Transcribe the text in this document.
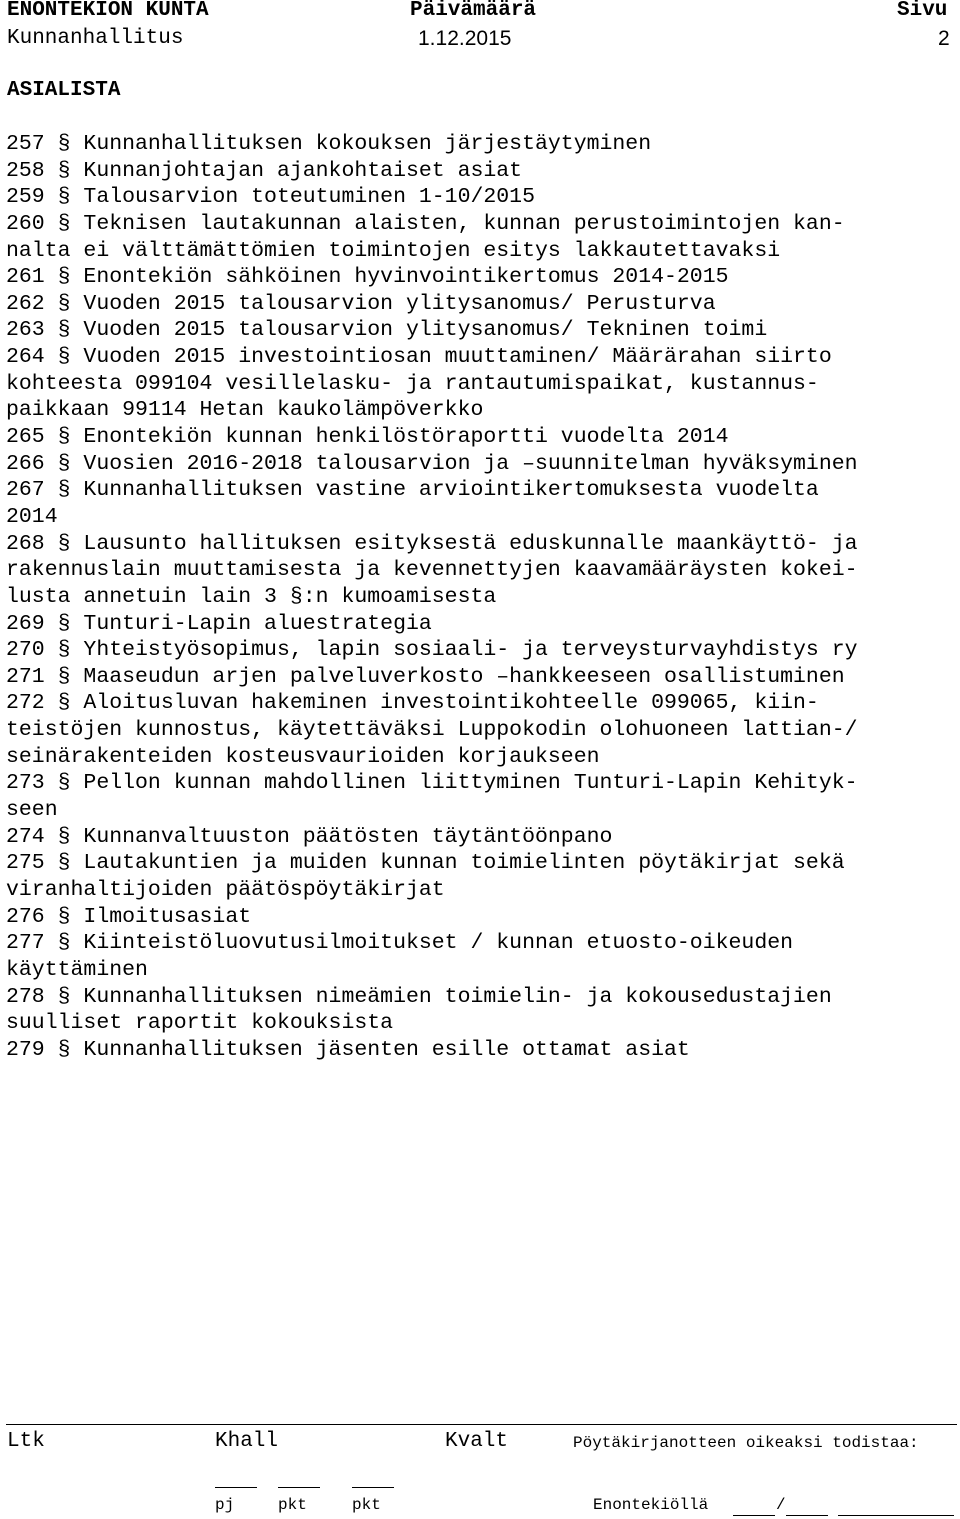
ENONTEKIÖN KUNTA	Päivämäärä	Sivu
Kunnanhallitus	1.12.2015	2
ASIALISTA
257 § Kunnanhallituksen kokouksen järjestäytyminen
258 § Kunnanjohtajan ajankohtaiset asiat
259 § Talousarvion toteutuminen 1-10/2015
260 § Teknisen lautakunnan alaisten, kunnan perustoimintojen kan-
nalta ei välttämättömien toimintojen esitys lakkautettavaksi
261 § Enontekiön sähköinen hyvinvointikertomus 2014-2015
262 § Vuoden 2015 talousarvion ylitysanomus/ Perusturva
263 § Vuoden 2015 talousarvion ylitysanomus/ Tekninen toimi
264 § Vuoden 2015 investointiosan muuttaminen/ Määrärahan siirto
kohteesta 099104 vesillelasku- ja rantautumispaikat, kustannus-
paikkaan 99114 Hetan kaukolämpöverkko
265 § Enontekiön kunnan henkilöstöraportti vuodelta 2014
266 § Vuosien 2016-2018 talousarvion ja –suunnitelman hyväksyminen
267 § Kunnanhallituksen vastine arviointikertomuksesta vuodelta
2014
268 § Lausunto hallituksen esityksestä eduskunnalle maankäyttö- ja
rakennuslain muuttamisesta ja kevennettyjen kaavamääräysten kokei-
lusta annetuin lain 3 §:n kumoamisesta
269 § Tunturi-Lapin aluestrategia
270 § Yhteistyösopimus, lapin sosiaali- ja terveysturvayhdistys ry
271 § Maaseudun arjen palveluverkosto –hankkeeseen osallistuminen
272 § Aloitusluvan hakeminen investointikohteelle 099065, kiin-
teistöjen kunnostus, käytettäväksi Luppokodin olohuoneen lattian-/
seinärakenteiden kosteusvaurioiden korjaukseen
273 § Pellon kunnan mahdollinen liittyminen Tunturi-Lapin Kehityk-
seen
274 § Kunnanvaltuuston päätösten täytäntöönpano
275 § Lautakuntien ja muiden kunnan toimielinten pöytäkirjat sekä
viranhaltijoiden päätöspöytäkirjat
276 § Ilmoitusasiat
277 § Kiinteistöluovutusilmoitukset / kunnan etuosto-oikeuden
käyttäminen
278 § Kunnanhallituksen nimeämien toimielin- ja kokousedustajien
suulliset raportit kokouksista
279 § Kunnanhallituksen jäsenten esille ottamat asiat
Ltk	Khall	Kvalt	Pöytäkirjanotteen oikeaksi todistaa:
pj	pkt	pkt	Enontekiöllä	/
